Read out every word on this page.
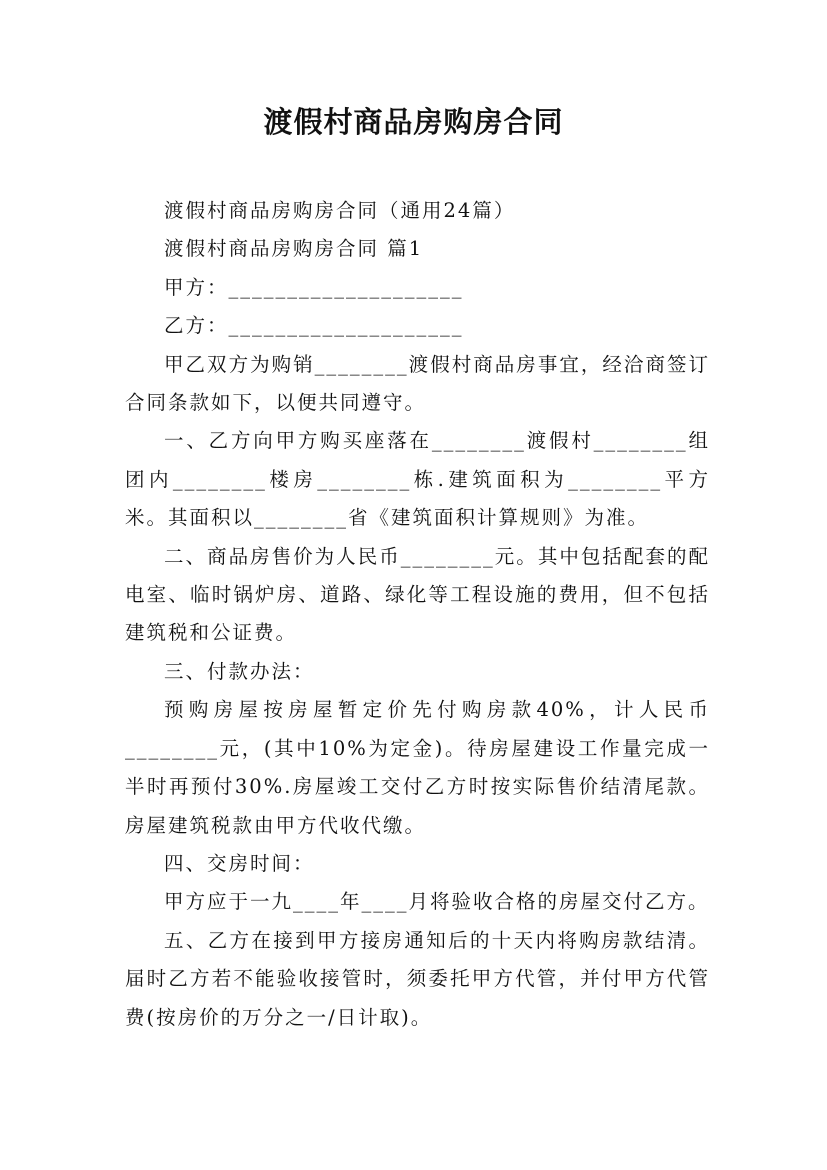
渡假村商品房购房合同

渡假村商品房购房合同（通用24篇）

渡假村商品房购房合同 篇1

甲方：____________________

乙方：____________________

甲乙双方为购销________渡假村商品房事宜，经洽商签订合同条款如下，以便共同遵守。

一、乙方向甲方购买座落在________渡假村________组团内________楼房________栋.建筑面积为________平方米。其面积以________省《建筑面积计算规则》为准。

二、商品房售价为人民币________元。其中包括配套的配电室、临时锅炉房、道路、绿化等工程设施的费用，但不包括建筑税和公证费。

三、付款办法：

预购房屋按房屋暂定价先付购房款40%，计人民币________元，(其中10%为定金)。待房屋建设工作量完成一半时再预付30%.房屋竣工交付乙方时按实际售价结清尾款。房屋建筑税款由甲方代收代缴。

四、交房时间：

甲方应于一九____年____月将验收合格的房屋交付乙方。

五、乙方在接到甲方接房通知后的十天内将购房款结清。届时乙方若不能验收接管时，须委托甲方代管，并付甲方代管费(按房价的万分之一/日计取)。
